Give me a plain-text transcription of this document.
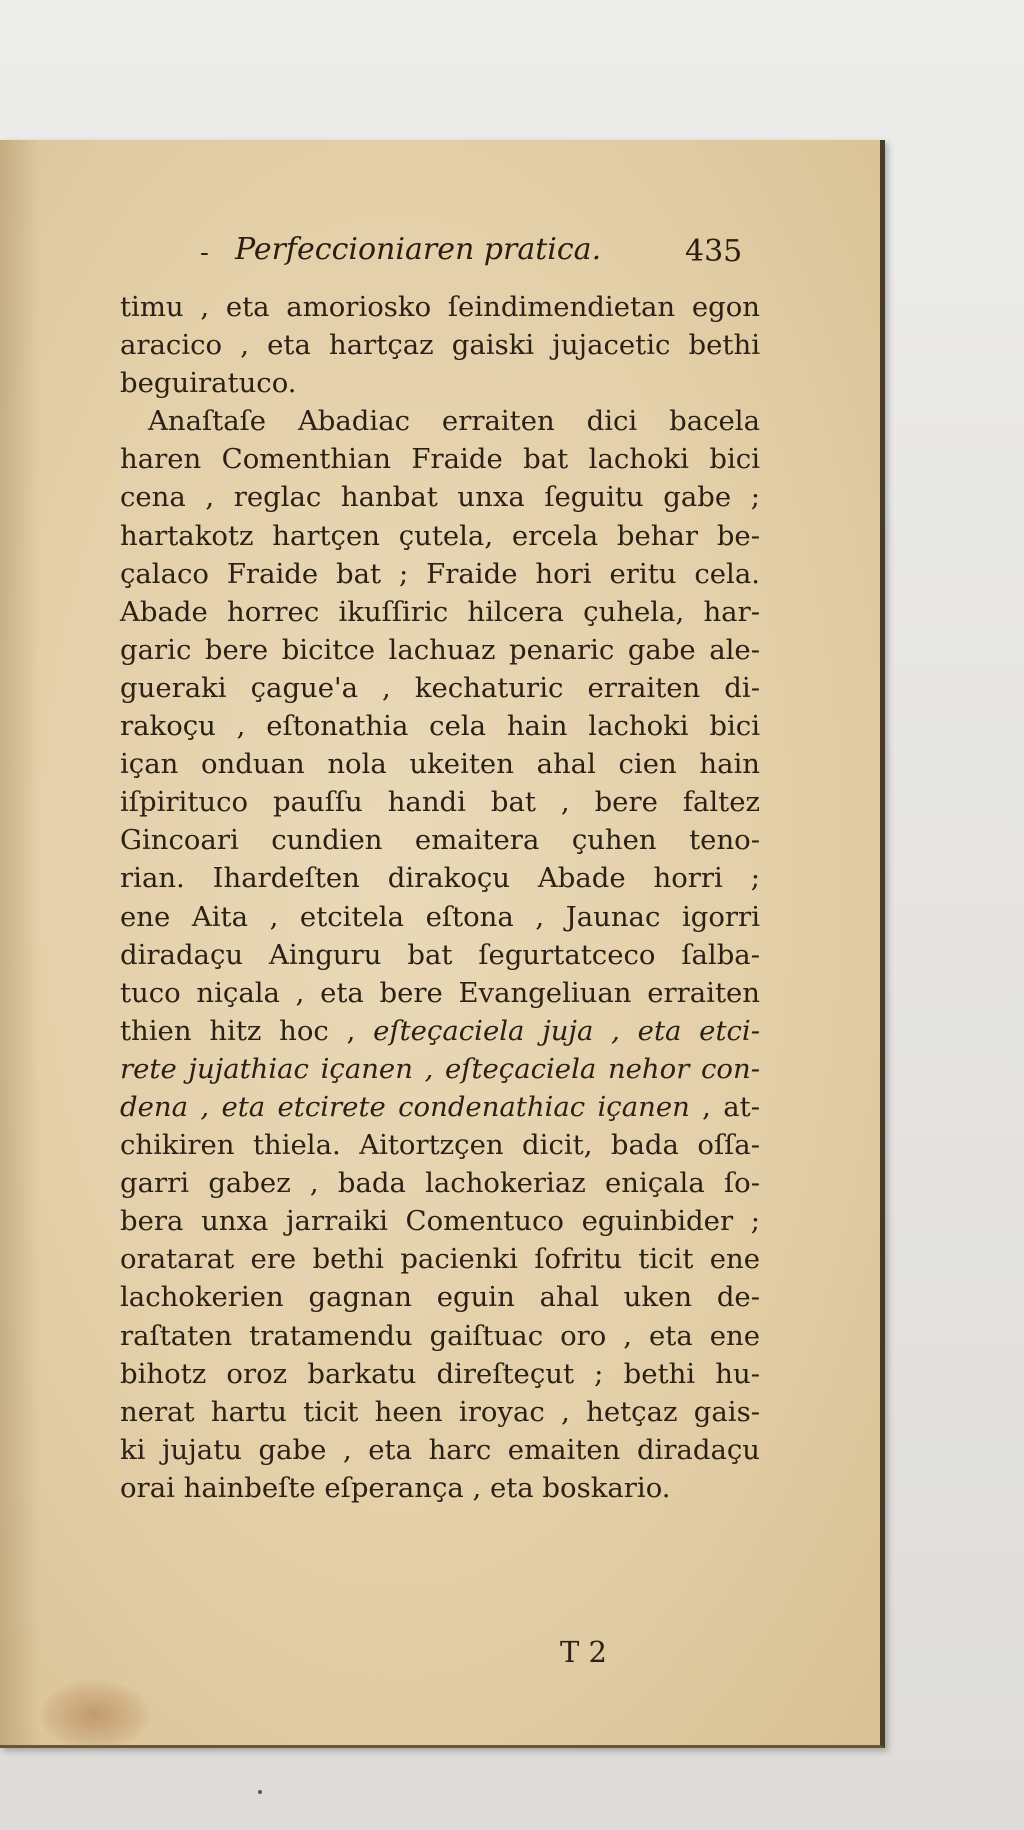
- Perfeccioniaren pratica.	435
timu , eta amoriosko ſeindimendietan egon
aracico , eta hartçaz gaiski jujacetic bethi
beguiratuco.
Anaſtaſe Abadiac erraiten dici bacela
haren Comenthian Fraide bat lachoki bici
cena , reglac hanbat unxa ſeguitu gabe ;
hartakotz hartçen çutela, ercela behar be-
çalaco Fraide bat ; Fraide hori eritu cela.
Abade horrec ikuſſiric hilcera çuhela, har-
garic bere bicitce lachuaz penaric gabe ale-
gueraki çague'a , kechaturic erraiten di-
rakoçu , eſtonathia cela hain lachoki bici
içan onduan nola ukeiten ahal cien hain
iſpirituco pauſſu handi bat , bere faltez
Gincoari cundien emaitera çuhen teno-
rian. Ihardeſten dirakoçu Abade horri ;
ene Aita , etcitela eſtona , Jaunac igorri
diradaçu Ainguru bat ſegurtatceco ſalba-
tuco niçala , eta bere Evangeliuan erraiten
thien hitz hoc , eſteçaciela juja , eta etci-
rete jujathiac içanen , eſteçaciela nehor con-
dena , eta etcirete condenathiac içanen , at-
chikiren thiela. Aitortzçen dicit, bada oſſa-
garri gabez , bada lachokeriaz eniçala ſo-
bera unxa jarraiki Comentuco eguinbider ;
oratarat ere bethi pacienki ſofritu ticit ene
lachokerien gagnan eguin ahal uken de-
raſtaten tratamendu gaiſtuac oro , eta ene
bihotz oroz barkatu direſteçut ; bethi hu-
nerat hartu ticit heen iroyac , hetçaz gais-
ki jujatu gabe , eta harc emaiten diradaçu
orai hainbeſte eſperança , eta boskario.
T 2
